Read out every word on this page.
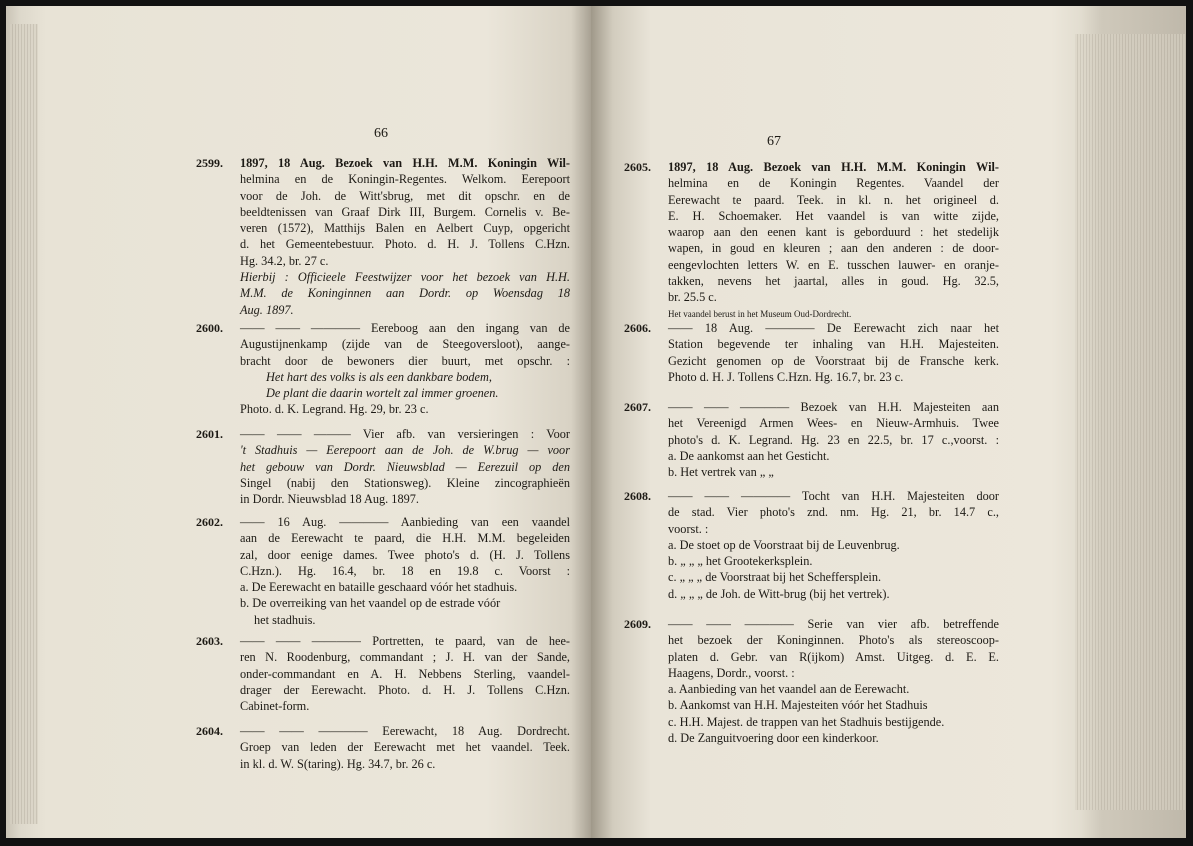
66
2599. 1897, 18 Aug. Bezoek van H.H. M.M. Koningin Wil-
helmina en de Koningin-Regentes. Welkom. Eerepoort
voor de Joh. de Witt'sbrug, met dit opschr. en de
beeldtenissen van Graaf Dirk III, Burgem. Cornelis v. Be-
veren (1572), Matthijs Balen en Aelbert Cuyp, opgericht
d. het Gemeentebestuur. Photo. d. H. J. Tollens C.Hzn.
Hg. 34.2, br. 27 c.
Hierbij : Officieele Feestwijzer voor het bezoek van H.H.
M.M. de Koninginnen aan Dordr. op Woensdag 18
Aug. 1897.
2600. —— —— ———— Eereboog aan den ingang van de
Augustijnenkamp (zijde van de Steegoversloot), aange-
bracht door de bewoners dier buurt, met opschr. :
Het hart des volks is als een dankbare bodem,
De plant die daarin wortelt zal immer groenen.
Photo. d. K. Legrand. Hg. 29, br. 23 c.
2601. —— —— ——— Vier afb. van versieringen : Voor
't Stadhuis — Eerepoort aan de Joh. de W.brug — voor
het gebouw van Dordr. Nieuwsblad — Eerezuil op den
Singel (nabij den Stationsweg). Kleine zincographieën
in Dordr. Nieuwsblad 18 Aug. 1897.
2602. —— 16 Aug. ———— Aanbieding van een vaandel
aan de Eerewacht te paard, die H.H. M.M. begeleiden
zal, door eenige dames. Twee photo's d. (H. J. Tollens
C.Hzn.). Hg. 16.4, br. 18 en 19.8 c. Voorst :
a. De Eerewacht en bataille geschaard vóór het stadhuis.
b. De overreiking van het vaandel op de estrade vóór
het stadhuis.
2603. —— —— ———— Portretten, te paard, van de hee-
ren N. Roodenburg, commandant ; J. H. van der Sande,
onder-commandant en A. H. Nebbens Sterling, vaandel-
drager der Eerewacht. Photo. d. H. J. Tollens C.Hzn.
Cabinet-form.
2604. —— —— ———— Eerewacht, 18 Aug. Dordrecht.
Groep van leden der Eerewacht met het vaandel. Teek.
in kl. d. W. S(taring). Hg. 34.7, br. 26 c.
67
2605. 1897, 18 Aug. Bezoek van H.H. M.M. Koningin Wil-
helmina en de Koningin Regentes. Vaandel der
Eerewacht te paard. Teek. in kl. n. het origineel d.
E. H. Schoemaker. Het vaandel is van witte zijde,
waarop aan den eenen kant is geborduurd : het stedelijk
wapen, in goud en kleuren ; aan den anderen : de door-
eengevlochten letters W. en E. tusschen lauwer- en oranje-
takken, nevens het jaartal, alles in goud. Hg. 32.5,
br. 25.5 c.
Het vaandel berust in het Museum Oud-Dordrecht.
2606. —— 18 Aug. ———— De Eerewacht zich naar het
Station begevende ter inhaling van H.H. Majesteiten.
Gezicht genomen op de Voorstraat bij de Fransche kerk.
Photo d. H. J. Tollens C.Hzn. Hg. 16.7, br. 23 c.
2607. —— —— ———— Bezoek van H.H. Majesteiten aan
het Vereenigd Armen Wees- en Nieuw-Armhuis. Twee
photo's d. K. Legrand. Hg. 23 en 22.5, br. 17 c.,voorst. :
a. De aankomst aan het Gesticht.
b. Het vertrek van „ „
2608. —— —— ———— Tocht van H.H. Majesteiten door
de stad. Vier photo's znd. nm. Hg. 21, br. 14.7 c.,
voorst. :
a. De stoet op de Voorstraat bij de Leuvenbrug.
b. „ „ „ het Grootekerksplein.
c. „ „ „ de Voorstraat bij het Scheffersplein.
d. „ „ „ de Joh. de Witt-brug (bij het vertrek).
2609. —— —— ———— Serie van vier afb. betreffende
het bezoek der Koninginnen. Photo's als stereoscoop-
platen d. Gebr. van R(ijkom) Amst. Uitgeg. d. E. E.
Haagens, Dordr., voorst. :
a. Aanbieding van het vaandel aan de Eerewacht.
b. Aankomst van H.H. Majesteiten vóór het Stadhuis
c. H.H. Majest. de trappen van het Stadhuis bestijgende.
d. De Zanguitvoering door een kinderkoor.
